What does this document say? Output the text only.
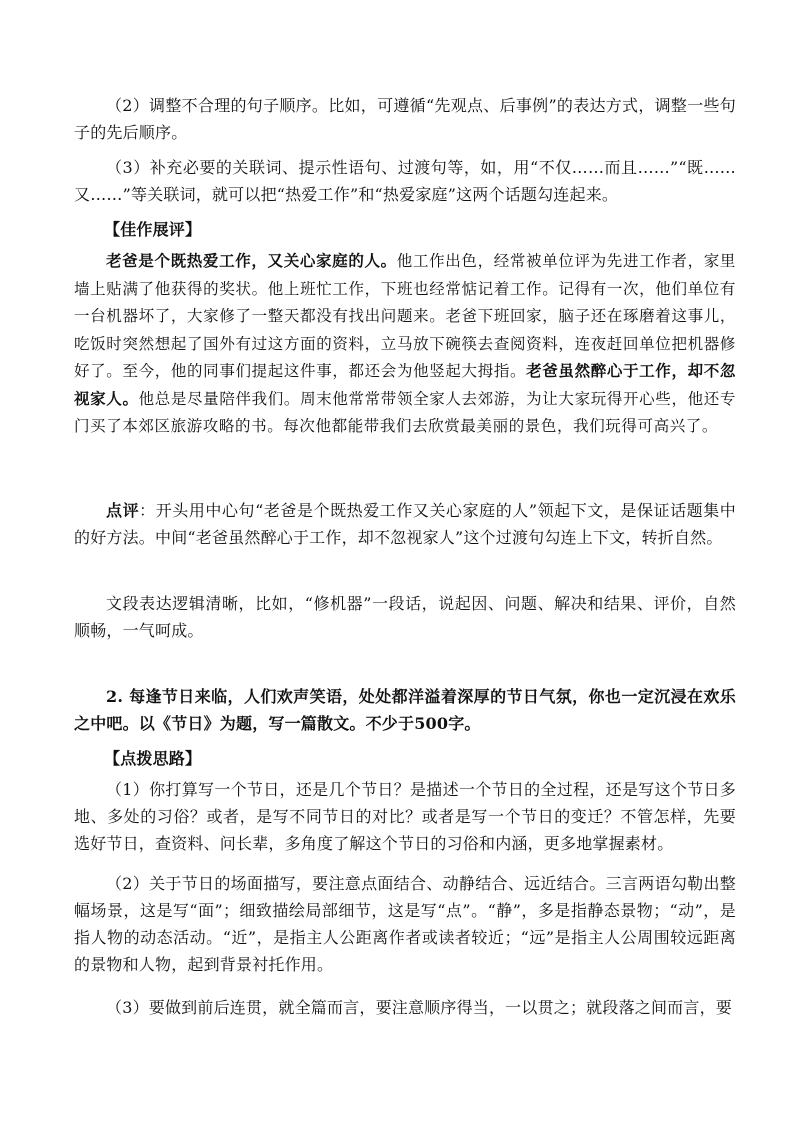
（2）调整不合理的句子顺序。比如，可遵循“先观点、后事例”的表达方式，调整一些句子的先后顺序。
（3）补充必要的关联词、提示性语句、过渡句等，如，用“不仅……而且……”“既……又……”等关联词，就可以把“热爱工作”和“热爱家庭”这两个话题勾连起来。
【佳作展评】
老爸是个既热爱工作，又关心家庭的人。他工作出色，经常被单位评为先进工作者，家里墙上贴满了他获得的奖状。他上班忙工作，下班也经常惦记着工作。记得有一次，他们单位有一台机器坏了，大家修了一整天都没有找出问题来。老爸下班回家，脑子还在琢磨着这事儿，吃饭时突然想起了国外有过这方面的资料，立马放下碗筷去查阅资料，连夜赶回单位把机器修好了。至今，他的同事们提起这件事，都还会为他竖起大拇指。老爸虽然醉心于工作，却不忽视家人。他总是尽量陪伴我们。周末他常常带领全家人去郊游，为让大家玩得开心些，他还专门买了本郊区旅游攻略的书。每次他都能带我们去欣赏最美丽的景色，我们玩得可高兴了。
点评：开头用中心句“老爸是个既热爱工作又关心家庭的人”领起下文，是保证话题集中的好方法。中间“老爸虽然醉心于工作，却不忽视家人”这个过渡句勾连上下文，转折自然。
文段表达逻辑清晰，比如，“修机器”一段话，说起因、问题、解决和结果、评价，自然顺畅，一气呵成。
2. 每逢节日来临，人们欢声笑语，处处都洋溢着深厚的节日气氛，你也一定沉浸在欢乐之中吧。以《节日》为题，写一篇散文。不少于500字。
【点拨思路】
（1）你打算写一个节日，还是几个节日？是描述一个节日的全过程，还是写这个节日多地、多处的习俗？或者，是写不同节日的对比？或者是写一个节日的变迁？不管怎样，先要选好节日，查资料、问长辈，多角度了解这个节日的习俗和内涵，更多地掌握素材。
（2）关于节日的场面描写，要注意点面结合、动静结合、远近结合。三言两语勾勒出整幅场景，这是写“面”；细致描绘局部细节，这是写“点”。“静”，多是指静态景物；“动”，是指人物的动态活动。“近”，是指主人公距离作者或读者较近；“远”是指主人公周围较远距离的景物和人物，起到背景衬托作用。
（3）要做到前后连贯，就全篇而言，要注意顺序得当，一以贯之；就段落之间而言，要
